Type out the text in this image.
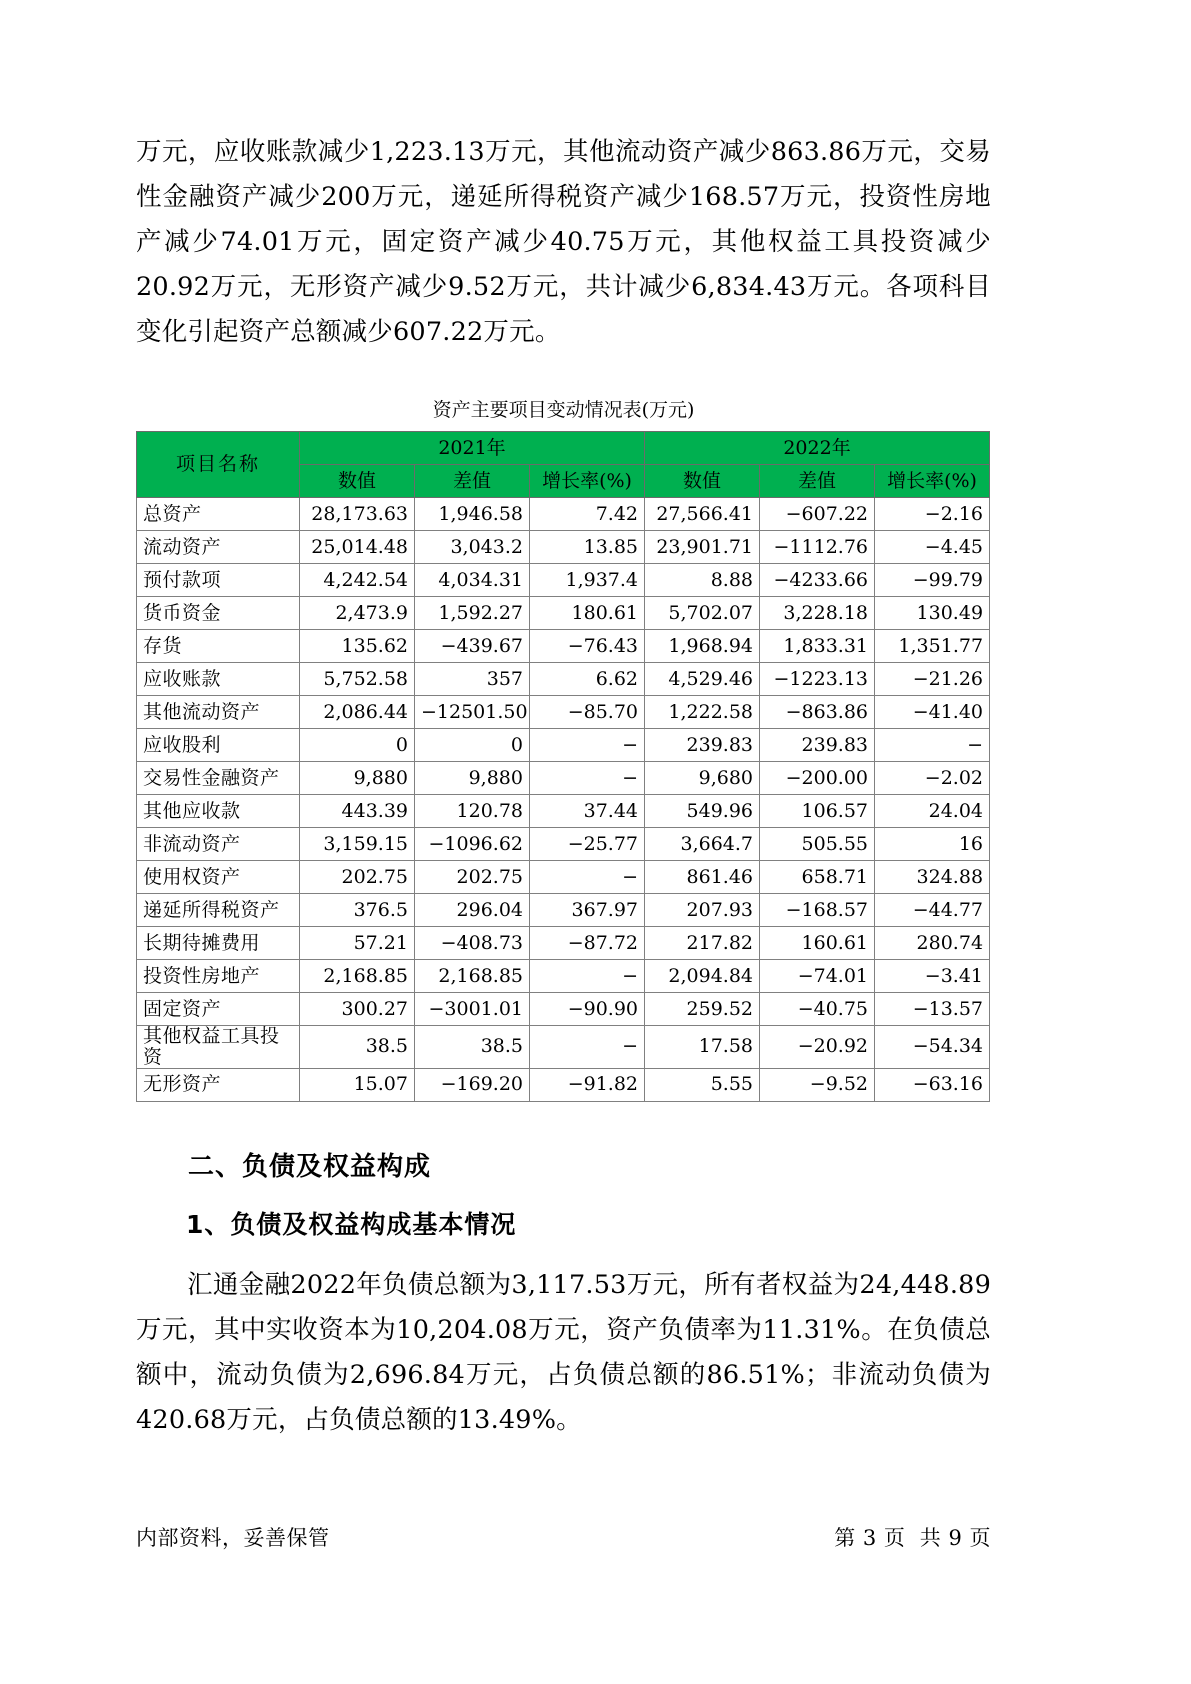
万元，应收账款减少1,223.13万元，其他流动资产减少863.86万元，交易性金融资产减少200万元，递延所得税资产减少168.57万元，投资性房地产减少74.01万元，固定资产减少40.75万元，其他权益工具投资减少20.92万元，无形资产减少9.52万元，共计减少6,834.43万元。各项科目变化引起资产总额减少607.22万元。

资产主要项目变动情况表(万元)
项目名称	2021年			2022年		
	数值	差值	增长率(%)	数值	差值	增长率(%)
总资产	28,173.63	1,946.58	7.42	27,566.41	−607.22	−2.16
流动资产	25,014.48	3,043.2	13.85	23,901.71	−1112.76	−4.45
预付款项	4,242.54	4,034.31	1,937.4	8.88	−4233.66	−99.79
货币资金	2,473.9	1,592.27	180.61	5,702.07	3,228.18	130.49
存货	135.62	−439.67	−76.43	1,968.94	1,833.31	1,351.77
应收账款	5,752.58	357	6.62	4,529.46	−1223.13	−21.26
其他流动资产	2,086.44	−12501.50	−85.70	1,222.58	−863.86	−41.40
应收股利	0	0	−	239.83	239.83	−
交易性金融资产	9,880	9,880	−	9,680	−200.00	−2.02
其他应收款	443.39	120.78	37.44	549.96	106.57	24.04
非流动资产	3,159.15	−1096.62	−25.77	3,664.7	505.55	16
使用权资产	202.75	202.75	−	861.46	658.71	324.88
递延所得税资产	376.5	296.04	367.97	207.93	−168.57	−44.77
长期待摊费用	57.21	−408.73	−87.72	217.82	160.61	280.74
投资性房地产	2,168.85	2,168.85	−	2,094.84	−74.01	−3.41
固定资产	300.27	−3001.01	−90.90	259.52	−40.75	−13.57
其他权益工具投资	38.5	38.5	−	17.58	−20.92	−54.34
无形资产	15.07	−169.20	−91.82	5.55	−9.52	−63.16
二、负债及权益构成
1、负债及权益构成基本情况

汇通金融2022年负债总额为3,117.53万元，所有者权益为24,448.89万元，其中实收资本为10,204.08万元，资产负债率为11.31%。在负债总额中，流动负债为2,696.84万元，占负债总额的86.51%；非流动负债为420.68万元，占负债总额的13.49%。

内部资料，妥善保管	第 3 页  共 9 页
